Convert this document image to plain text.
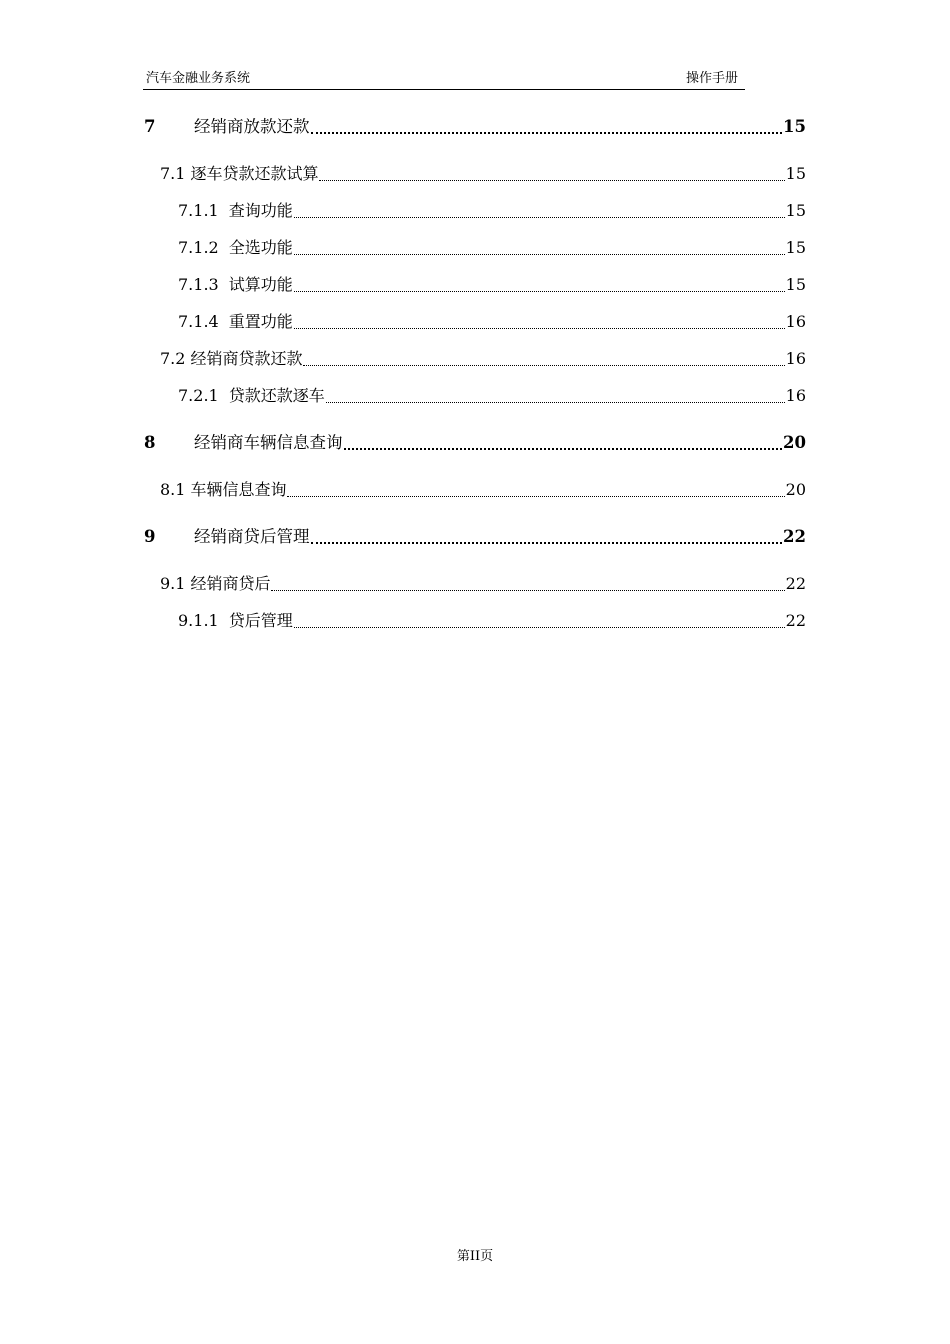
汽车金融业务系统	操作手册
7	经销商放款还款	15
7.1 逐车贷款还款试算	15
7.1.1 查询功能	15
7.1.2 全选功能	15
7.1.3 试算功能	15
7.1.4 重置功能	16
7.2 经销商贷款还款	16
7.2.1 贷款还款逐车	16
8	经销商车辆信息查询	20
8.1 车辆信息查询	20
9	经销商贷后管理	22
9.1 经销商贷后	22
9.1.1 贷后管理	22
第II页
